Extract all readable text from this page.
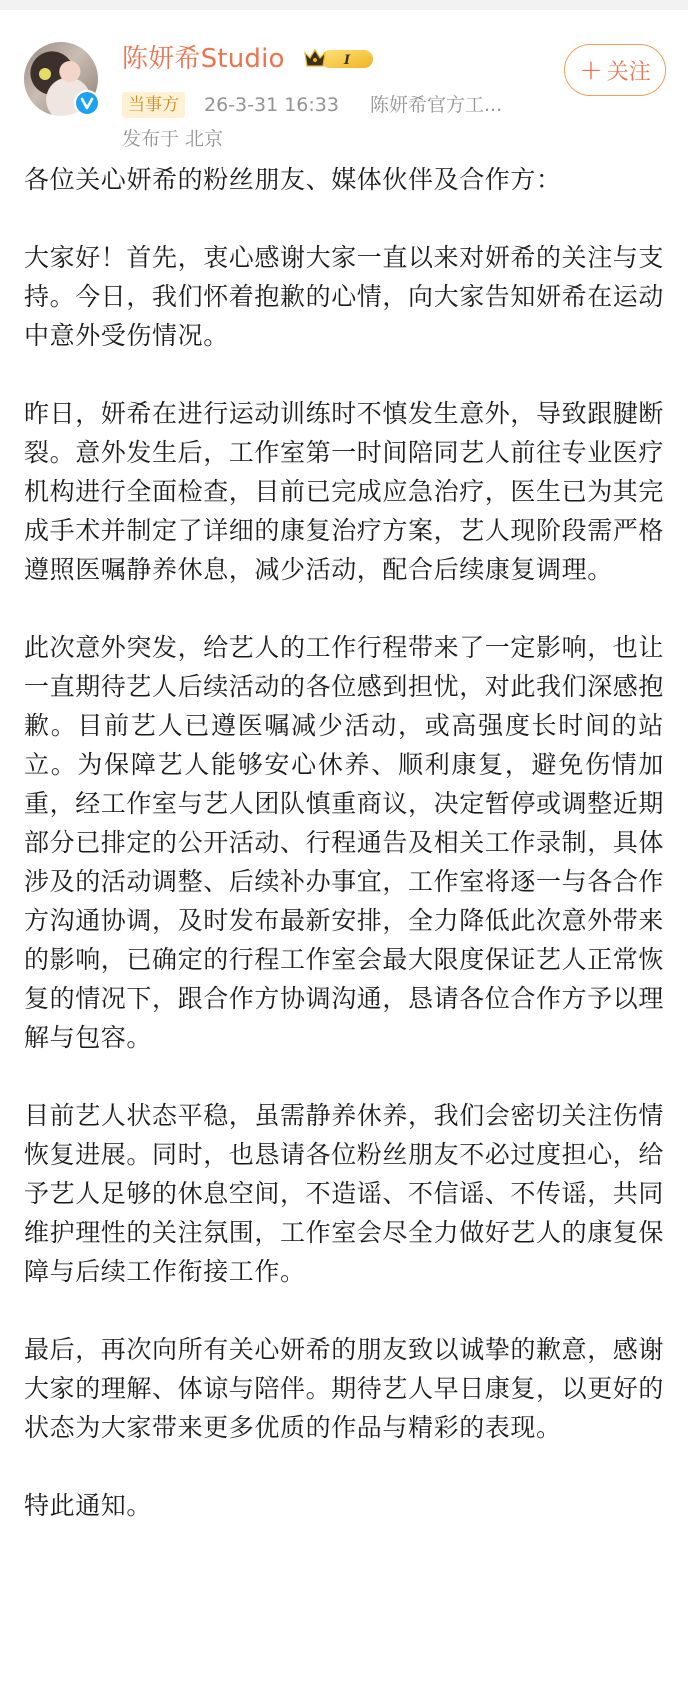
陈妍希Studio	I
当事方	26-3-31 16:33 陈妍希官方工...
发布于 北京
+ 关注

各位关心妍希的粉丝朋友、媒体伙伴及合作方：

大家好！首先，衷心感谢大家一直以来对妍希的关注与支持。今日，我们怀着抱歉的心情，向大家告知妍希在运动中意外受伤情况。

昨日，妍希在进行运动训练时不慎发生意外，导致跟腱断裂。意外发生后，工作室第一时间陪同艺人前往专业医疗机构进行全面检查，目前已完成应急治疗，医生已为其完成手术并制定了详细的康复治疗方案，艺人现阶段需严格遵照医嘱静养休息，减少活动，配合后续康复调理。

此次意外突发，给艺人的工作行程带来了一定影响，也让一直期待艺人后续活动的各位感到担忧，对此我们深感抱歉。目前艺人已遵医嘱减少活动，或高强度长时间的站立。为保障艺人能够安心休养、顺利康复，避免伤情加重，经工作室与艺人团队慎重商议，决定暂停或调整近期部分已排定的公开活动、行程通告及相关工作录制，具体涉及的活动调整、后续补办事宜，工作室将逐一与各合作方沟通协调，及时发布最新安排，全力降低此次意外带来的影响，已确定的行程工作室会最大限度保证艺人正常恢复的情况下，跟合作方协调沟通，恳请各位合作方予以理解与包容。

目前艺人状态平稳，虽需静养休养，我们会密切关注伤情恢复进展。同时，也恳请各位粉丝朋友不必过度担心，给予艺人足够的休息空间，不造谣、不信谣、不传谣，共同维护理性的关注氛围，工作室会尽全力做好艺人的康复保障与后续工作衔接工作。

最后，再次向所有关心妍希的朋友致以诚挚的歉意，感谢大家的理解、体谅与陪伴。期待艺人早日康复，以更好的状态为大家带来更多优质的作品与精彩的表现。

特此通知。
